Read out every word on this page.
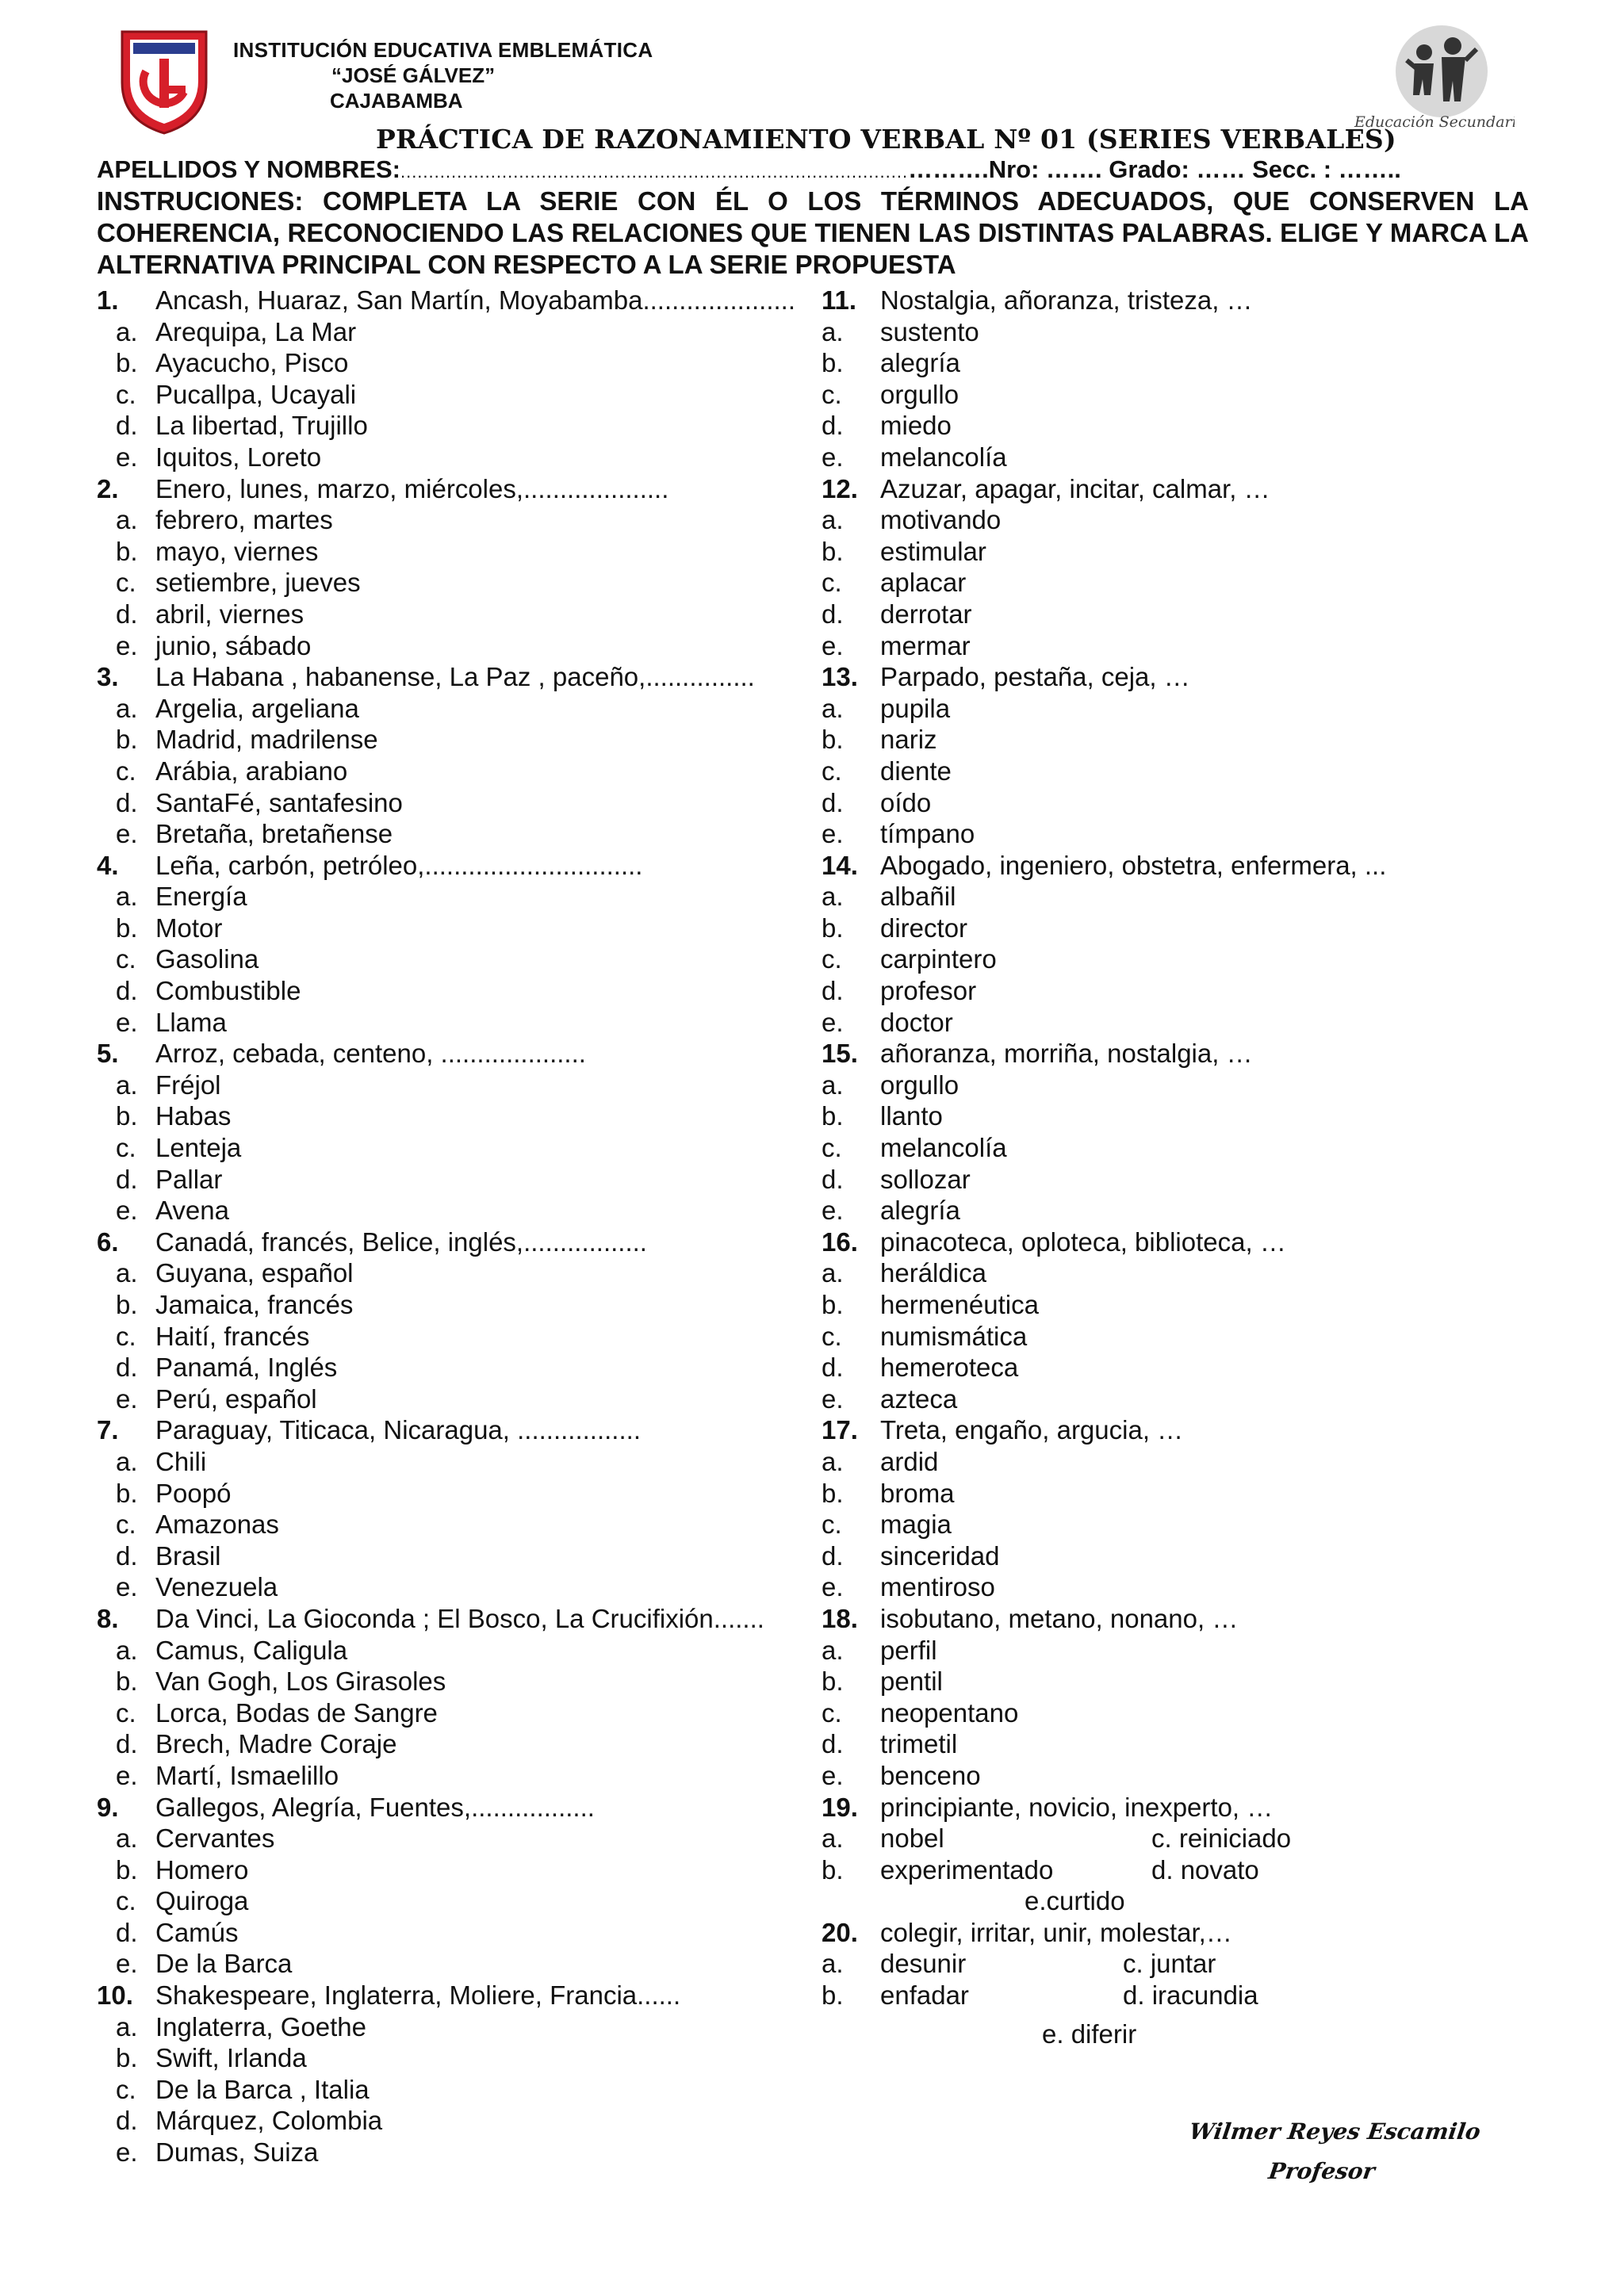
INSTITUCIÓN EDUCATIVA EMBLEMÁTICA
“JOSÉ GÁLVEZ”
CAJABAMBA
Educación Secundaria
PRÁCTICA DE RAZONAMIENTO VERBAL Nº 01 (SERIES VERBALES)
APELLIDOS Y NOMBRES:..........................................................................................……….Nro: ……. Grado: …… Secc. : ……..
INSTRUCIONES: COMPLETA LA SERIE CON ÉL O LOS TÉRMINOS ADECUADOS, QUE CONSERVEN LA COHERENCIA, RECONOCIENDO LAS RELACIONES QUE TIENEN LAS DISTINTAS PALABRAS. ELIGE Y MARCA LA ALTERNATIVA PRINCIPAL CON RESPECTO A LA SERIE PROPUESTA
1. Ancash, Huaraz, San Martín, Moyabamba.....................
a. Arequipa, La Mar
b. Ayacucho, Pisco
c. Pucallpa, Ucayali
d. La libertad, Trujillo
e. Iquitos, Loreto
2. Enero, lunes, marzo, miércoles,....................
a. febrero, martes
b. mayo, viernes
c. setiembre, jueves
d. abril, viernes
e. junio, sábado
3. La Habana , habanense, La Paz , paceño,...............
a. Argelia, argeliana
b. Madrid, madrilense
c. Arábia, arabiano
d. SantaFé, santafesino
e. Bretaña, bretañense
4. Leña, carbón, petróleo,..............................
a. Energía
b. Motor
c. Gasolina
d. Combustible
e. Llama
5. Arroz, cebada, centeno, ....................
a. Fréjol
b. Habas
c. Lenteja
d. Pallar
e. Avena
6. Canadá, francés, Belice, inglés,.................
a. Guyana, español
b. Jamaica, francés
c. Haití, francés
d. Panamá, Inglés
e. Perú, español
7. Paraguay, Titicaca, Nicaragua, .................
a. Chili
b. Poopó
c. Amazonas
d. Brasil
e. Venezuela
8. Da Vinci, La Gioconda ; El Bosco, La Crucifixión.......
a. Camus, Caligula
b. Van Gogh, Los Girasoles
c. Lorca, Bodas de Sangre
d. Brech, Madre Coraje
e. Martí, Ismaelillo
9. Gallegos, Alegría, Fuentes,.................
a. Cervantes
b. Homero
c. Quiroga
d. Camús
e. De la Barca
10. Shakespeare, Inglaterra, Moliere, Francia......
a. Inglaterra, Goethe
b. Swift, Irlanda
c. De la Barca , Italia
d. Márquez, Colombia
e. Dumas, Suiza
11. Nostalgia, añoranza, tristeza, …
a. sustento
b. alegría
c. orgullo
d. miedo
e. melancolía
12. Azuzar, apagar, incitar, calmar, …
a. motivando
b. estimular
c. aplacar
d. derrotar
e. mermar
13. Parpado, pestaña, ceja, …
a. pupila
b. nariz
c. diente
d. oído
e. tímpano
14. Abogado, ingeniero, obstetra, enfermera, ...
a. albañil
b. director
c. carpintero
d. profesor
e. doctor
15. añoranza, morriña, nostalgia, …
a. orgullo
b. llanto
c. melancolía
d. sollozar
e. alegría
16. pinacoteca, oploteca, biblioteca, …
a. heráldica
b. hermenéutica
c. numismática
d. hemeroteca
e. azteca
17. Treta, engaño, argucia, …
a. ardid
b. broma
c. magia
d. sinceridad
e. mentiroso
18. isobutano, metano, nonano, …
a. perfil
b. pentil
c. neopentano
d. trimetil
e. benceno
19. principiante, novicio, inexperto, …
a. nobel	c. reiniciado
b. experimentado	d. novato
e.curtido
20. colegir, irritar, unir, molestar,…
a. desunir	c. juntar
b. enfadar	d. iracundia
e. diferir
Wilmer Reyes Escamilo
Profesor
